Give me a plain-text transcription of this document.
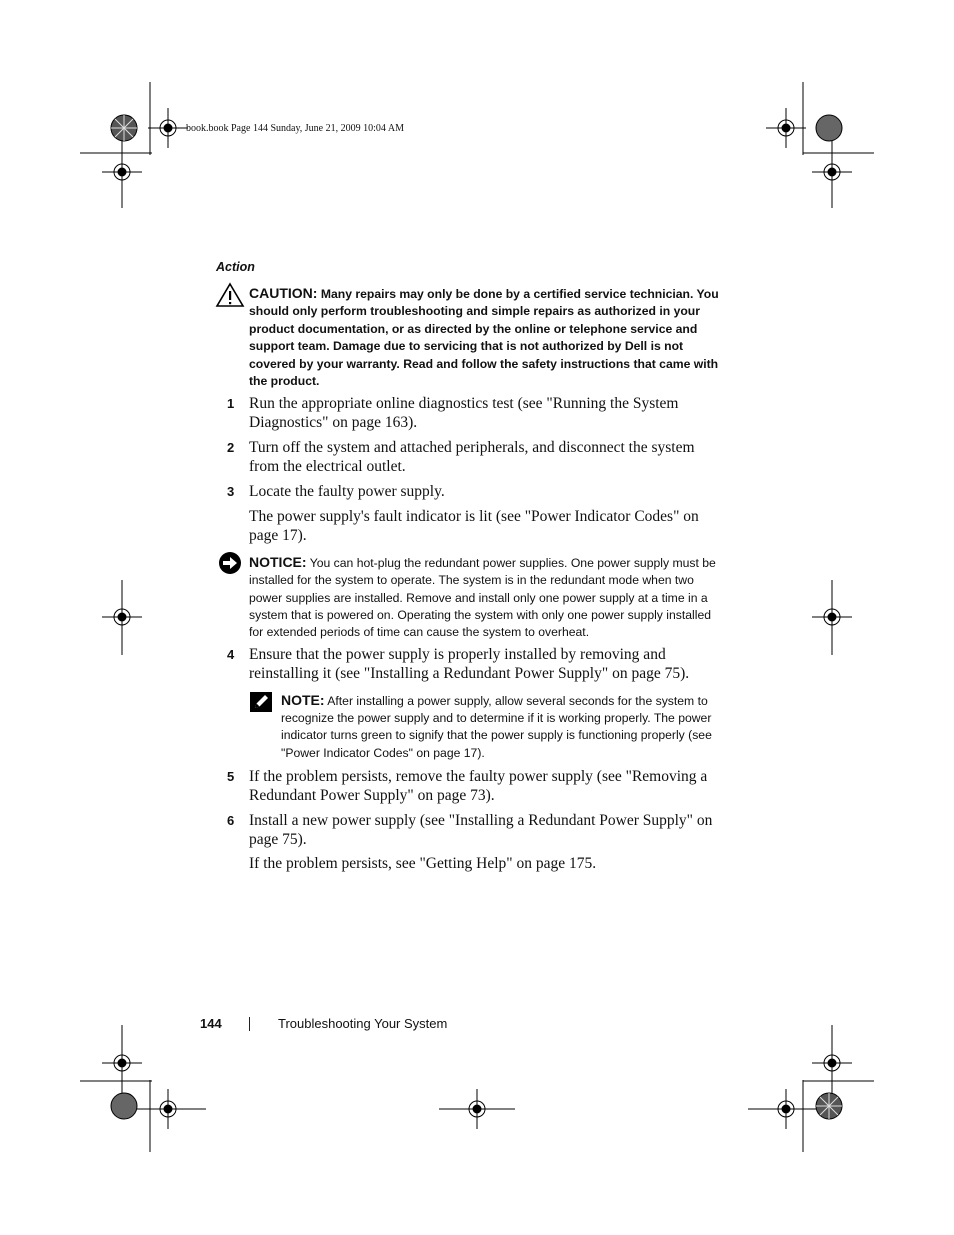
book.book Page 144 Sunday, June 21, 2009 10:04 AM
Action
CAUTION: Many repairs may only be done by a certified service technician. You should only perform troubleshooting and simple repairs as authorized in your product documentation, or as directed by the online or telephone service and support team. Damage due to servicing that is not authorized by Dell is not covered by your warranty. Read and follow the safety instructions that came with the product.
1 Run the appropriate online diagnostics test (see "Running the System Diagnostics" on page 163).
2 Turn off the system and attached peripherals, and disconnect the system from the electrical outlet.
3 Locate the faulty power supply.
The power supply's fault indicator is lit (see "Power Indicator Codes" on page 17).
NOTICE: You can hot-plug the redundant power supplies. One power supply must be installed for the system to operate. The system is in the redundant mode when two power supplies are installed. Remove and install only one power supply at a time in a system that is powered on. Operating the system with only one power supply installed for extended periods of time can cause the system to overheat.
4 Ensure that the power supply is properly installed by removing and reinstalling it (see "Installing a Redundant Power Supply" on page 75).
NOTE: After installing a power supply, allow several seconds for the system to recognize the power supply and to determine if it is working properly. The power indicator turns green to signify that the power supply is functioning properly (see "Power Indicator Codes" on page 17).
5 If the problem persists, remove the faulty power supply (see "Removing a Redundant Power Supply" on page 73).
6 Install a new power supply (see "Installing a Redundant Power Supply" on page 75).
If the problem persists, see "Getting Help" on page 175.
144	Troubleshooting Your System
